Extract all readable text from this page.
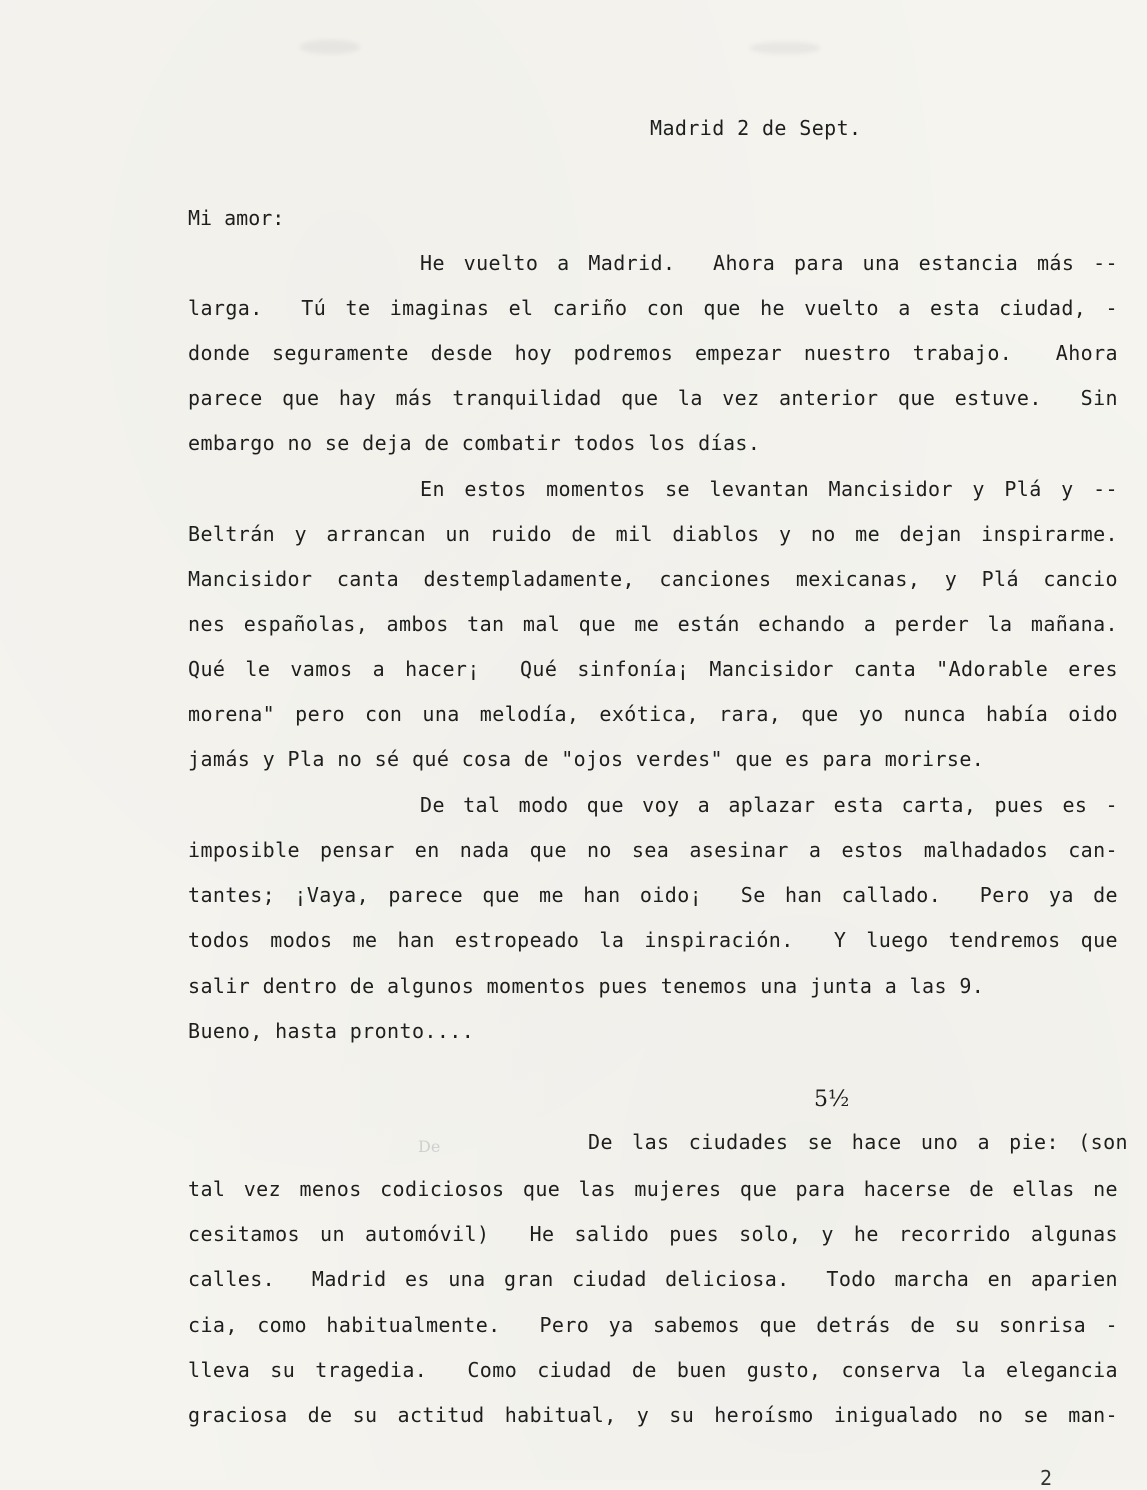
Madrid 2 de Sept.
Mi amor:
He vuelto a Madrid.  Ahora para una estancia más --
larga.  Tú te imaginas el cariño con que he vuelto a esta ciudad, -
donde seguramente desde hoy podremos empezar nuestro trabajo.  Ahora
parece que hay más tranquilidad que la vez anterior que estuve.  Sin
embargo no se deja de combatir todos los días.
En estos momentos se levantan Mancisidor y Plá y --
Beltrán y arrancan un ruido de mil diablos y no me dejan inspirarme.
Mancisidor canta destempladamente, canciones mexicanas, y Plá cancio
nes españolas, ambos tan mal que me están echando a perder la mañana.
Qué le vamos a hacer¡  Qué sinfonía¡ Mancisidor canta "Adorable eres
morena" pero con una melodía, exótica, rara, que yo nunca había oido
jamás y Pla no sé qué cosa de "ojos verdes" que es para morirse.
De tal modo que voy a aplazar esta carta, pues es -
imposible pensar en nada que no sea asesinar a estos malhadados can-
tantes; ¡Vaya, parece que me han oido¡  Se han callado.  Pero ya de
todos modos me han estropeado la inspiración.  Y luego tendremos que
salir dentro de algunos momentos pues tenemos una junta a las 9.
Bueno, hasta pronto....
5½
De	De las ciudades se hace uno a pie: (son
tal vez menos codiciosos que las mujeres que para hacerse de ellas ne
cesitamos un automóvil)  He salido pues solo, y he recorrido algunas
calles.  Madrid es una gran ciudad deliciosa.  Todo marcha en aparien
cia, como habitualmente.  Pero ya sabemos que detrás de su sonrisa -
lleva su tragedia.  Como ciudad de buen gusto, conserva la elegancia
graciosa de su actitud habitual, y su heroísmo inigualado no se man-
2
